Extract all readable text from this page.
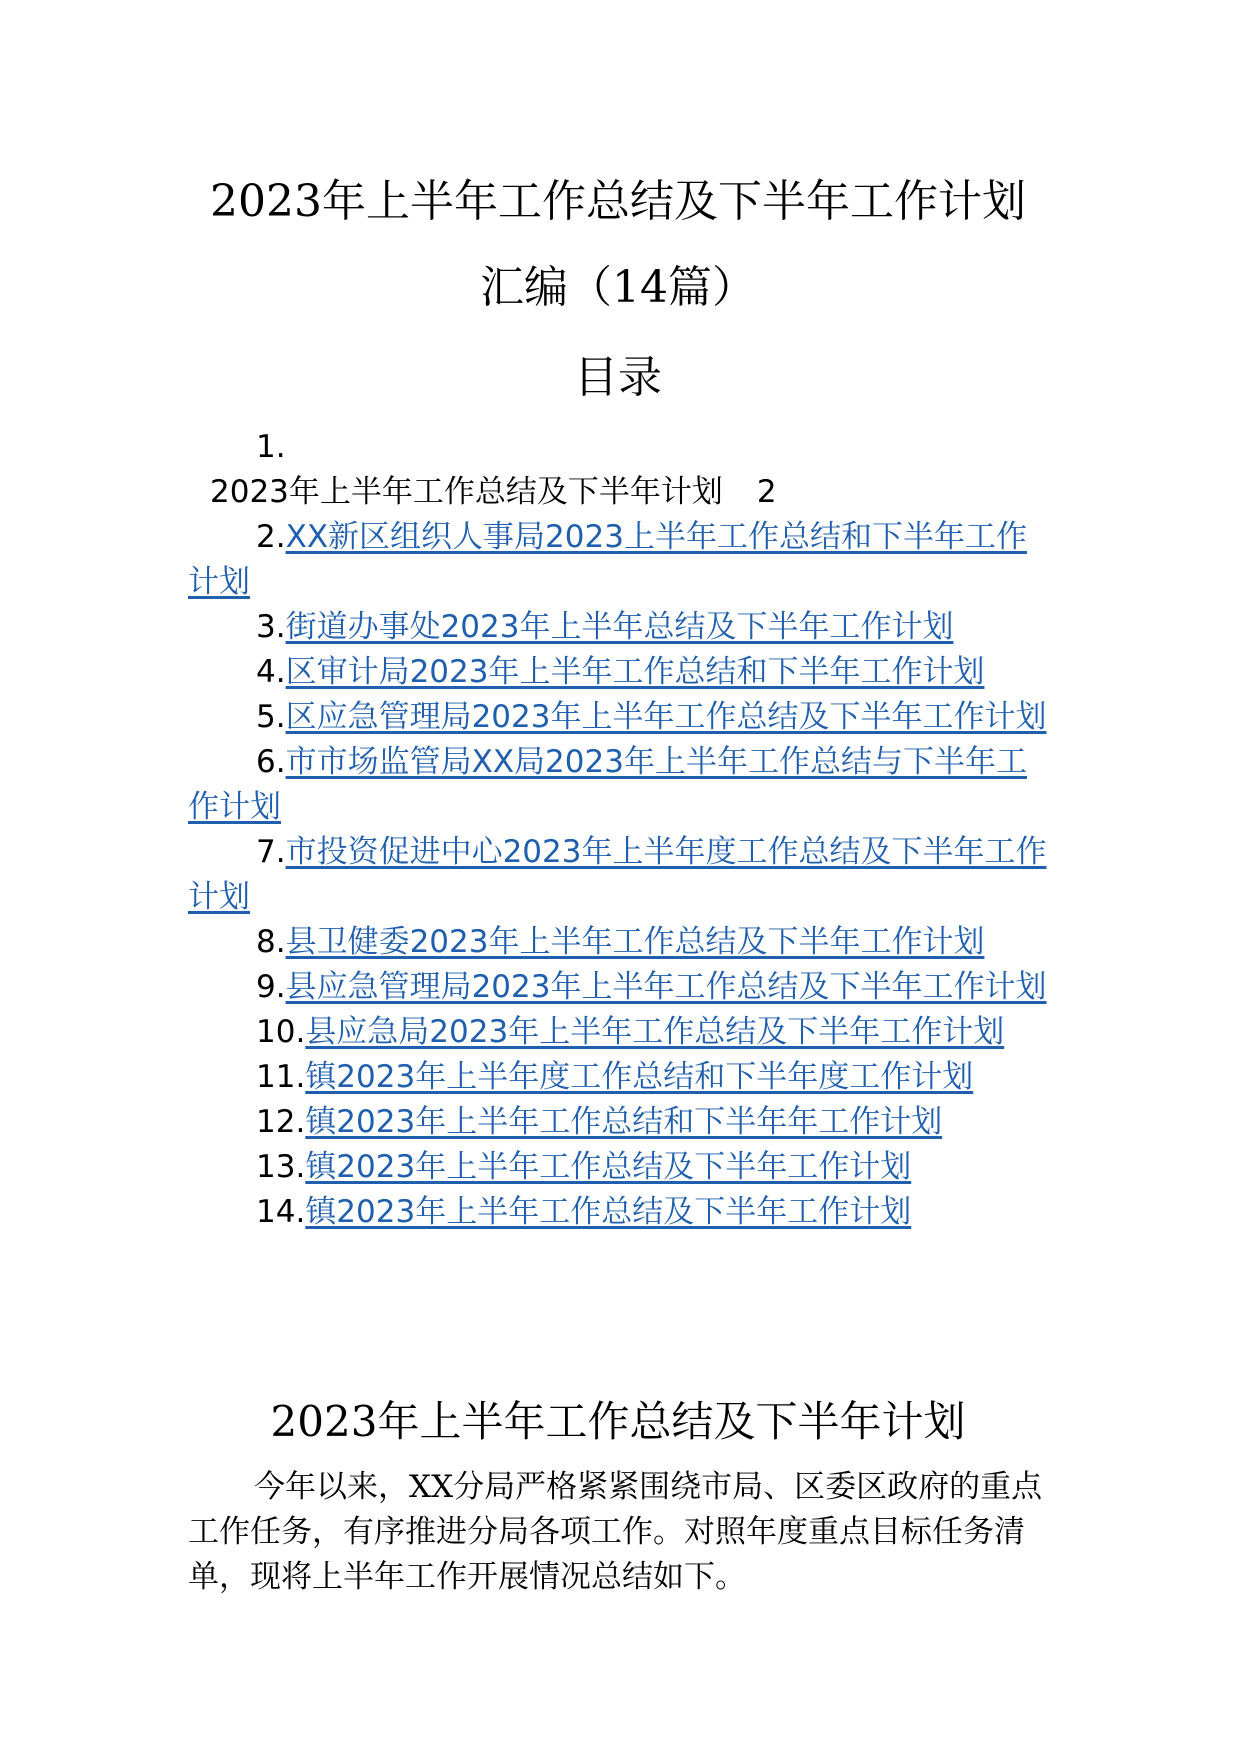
2023年上半年工作总结及下半年工作计划
汇编（14篇）
目录

1.

2023年上半年工作总结及下半年计划 2

2.XX新区组织人事局2023上半年工作总结和下半年工作计划

3.街道办事处2023年上半年总结及下半年工作计划

4.区审计局2023年上半年工作总结和下半年工作计划

5.区应急管理局2023年上半年工作总结及下半年工作计划

6.市市场监管局XX局2023年上半年工作总结与下半年工作计划

7.市投资促进中心2023年上半年度工作总结及下半年工作计划

8.县卫健委2023年上半年工作总结及下半年工作计划

9.县应急管理局2023年上半年工作总结及下半年工作计划

10.县应急局2023年上半年工作总结及下半年工作计划

11.镇2023年上半年度工作总结和下半年度工作计划

12.镇2023年上半年工作总结和下半年年工作计划

13.镇2023年上半年工作总结及下半年工作计划

14.镇2023年上半年工作总结及下半年工作计划

2023年上半年工作总结及下半年计划

今年以来，XX分局严格紧紧围绕市局、区委区政府的重点工作任务，有序推进分局各项工作。对照年度重点目标任务清单，现将上半年工作开展情况总结如下。
